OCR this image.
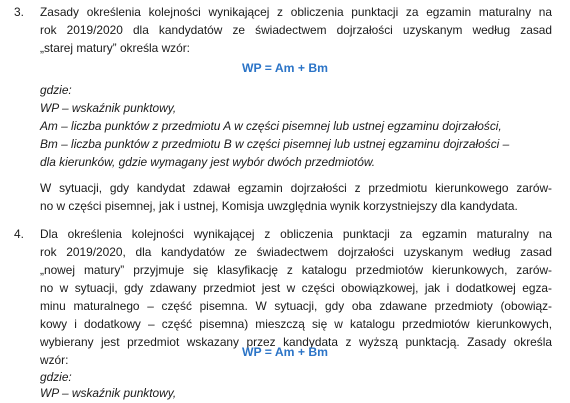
3. Zasady określenia kolejności wynikającej z obliczenia punktacji za egzamin maturalny na
rok 2019/2020 dla kandydatów ze świadectwem dojrzałości uzyskanym według zasad
„starej matury” określa wzór:
WP = Am + Bm
gdzie:
WP – wskaźnik punktowy,
Am – liczba punktów z przedmiotu A w części pisemnej lub ustnej egzaminu dojrzałości,
Bm – liczba punktów z przedmiotu B w części pisemnej lub ustnej egzaminu dojrzałości –
dla kierunków, gdzie wymagany jest wybór dwóch przedmiotów.
W sytuacji, gdy kandydat zdawał egzamin dojrzałości z przedmiotu kierunkowego zarów-
no w części pisemnej, jak i ustnej, Komisja uwzględnia wynik korzystniejszy dla kandydata.
4. Dla określenia kolejności wynikającej z obliczenia punktacji za egzamin maturalny na
rok 2019/2020, dla kandydatów ze świadectwem dojrzałości uzyskanym według zasad
„nowej matury” przyjmuje się klasyfikację z katalogu przedmiotów kierunkowych, zarów-
no w sytuacji, gdy zdawany przedmiot jest w części obowiązkowej, jak i dodatkowej egza-
minu maturalnego – część pisemna. W sytuacji, gdy oba zdawane przedmioty (obowiąz-
kowy i dodatkowy – część pisemna) mieszczą się w katalogu przedmiotów kierunkowych,
wybierany jest przedmiot wskazany przez kandydata z wyższą punktacją. Zasady określa
wzór:
WP = Am + Bm
gdzie:
WP – wskaźnik punktowy,
